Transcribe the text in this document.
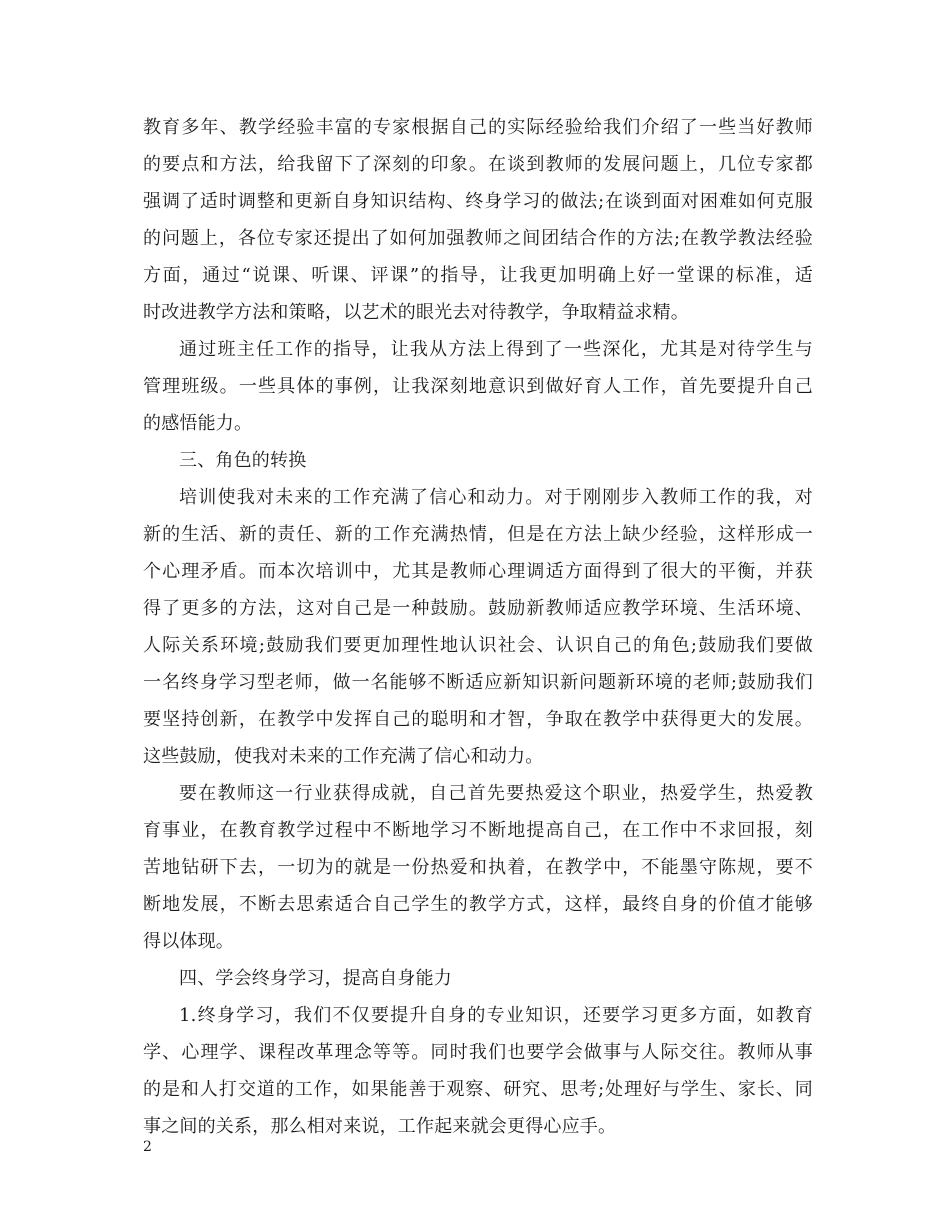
教育多年、教学经验丰富的专家根据自己的实际经验给我们介绍了一些当好教师
的要点和方法，给我留下了深刻的印象。在谈到教师的发展问题上，几位专家都
强调了适时调整和更新自身知识结构、终身学习的做法;在谈到面对困难如何克服
的问题上，各位专家还提出了如何加强教师之间团结合作的方法;在教学教法经验
方面，通过“说课、听课、评课”的指导，让我更加明确上好一堂课的标准，适
时改进教学方法和策略，以艺术的眼光去对待教学，争取精益求精。
通过班主任工作的指导，让我从方法上得到了一些深化，尤其是对待学生与
管理班级。一些具体的事例，让我深刻地意识到做好育人工作，首先要提升自己
的感悟能力。
三、角色的转换
培训使我对未来的工作充满了信心和动力。对于刚刚步入教师工作的我，对
新的生活、新的责任、新的工作充满热情，但是在方法上缺少经验，这样形成一
个心理矛盾。而本次培训中，尤其是教师心理调适方面得到了很大的平衡，并获
得了更多的方法，这对自己是一种鼓励。鼓励新教师适应教学环境、生活环境、
人际关系环境;鼓励我们要更加理性地认识社会、认识自己的角色;鼓励我们要做
一名终身学习型老师，做一名能够不断适应新知识新问题新环境的老师;鼓励我们
要坚持创新，在教学中发挥自己的聪明和才智，争取在教学中获得更大的发展。
这些鼓励，使我对未来的工作充满了信心和动力。
要在教师这一行业获得成就，自己首先要热爱这个职业，热爱学生，热爱教
育事业，在教育教学过程中不断地学习不断地提高自己，在工作中不求回报，刻
苦地钻研下去，一切为的就是一份热爱和执着，在教学中，不能墨守陈规，要不
断地发展，不断去思索适合自己学生的教学方式，这样，最终自身的价值才能够
得以体现。
四、学会终身学习，提高自身能力
1.终身学习，我们不仅要提升自身的专业知识，还要学习更多方面，如教育
学、心理学、课程改革理念等等。同时我们也要学会做事与人际交往。教师从事
的是和人打交道的工作，如果能善于观察、研究、思考;处理好与学生、家长、同
事之间的关系，那么相对来说，工作起来就会更得心应手。
2
